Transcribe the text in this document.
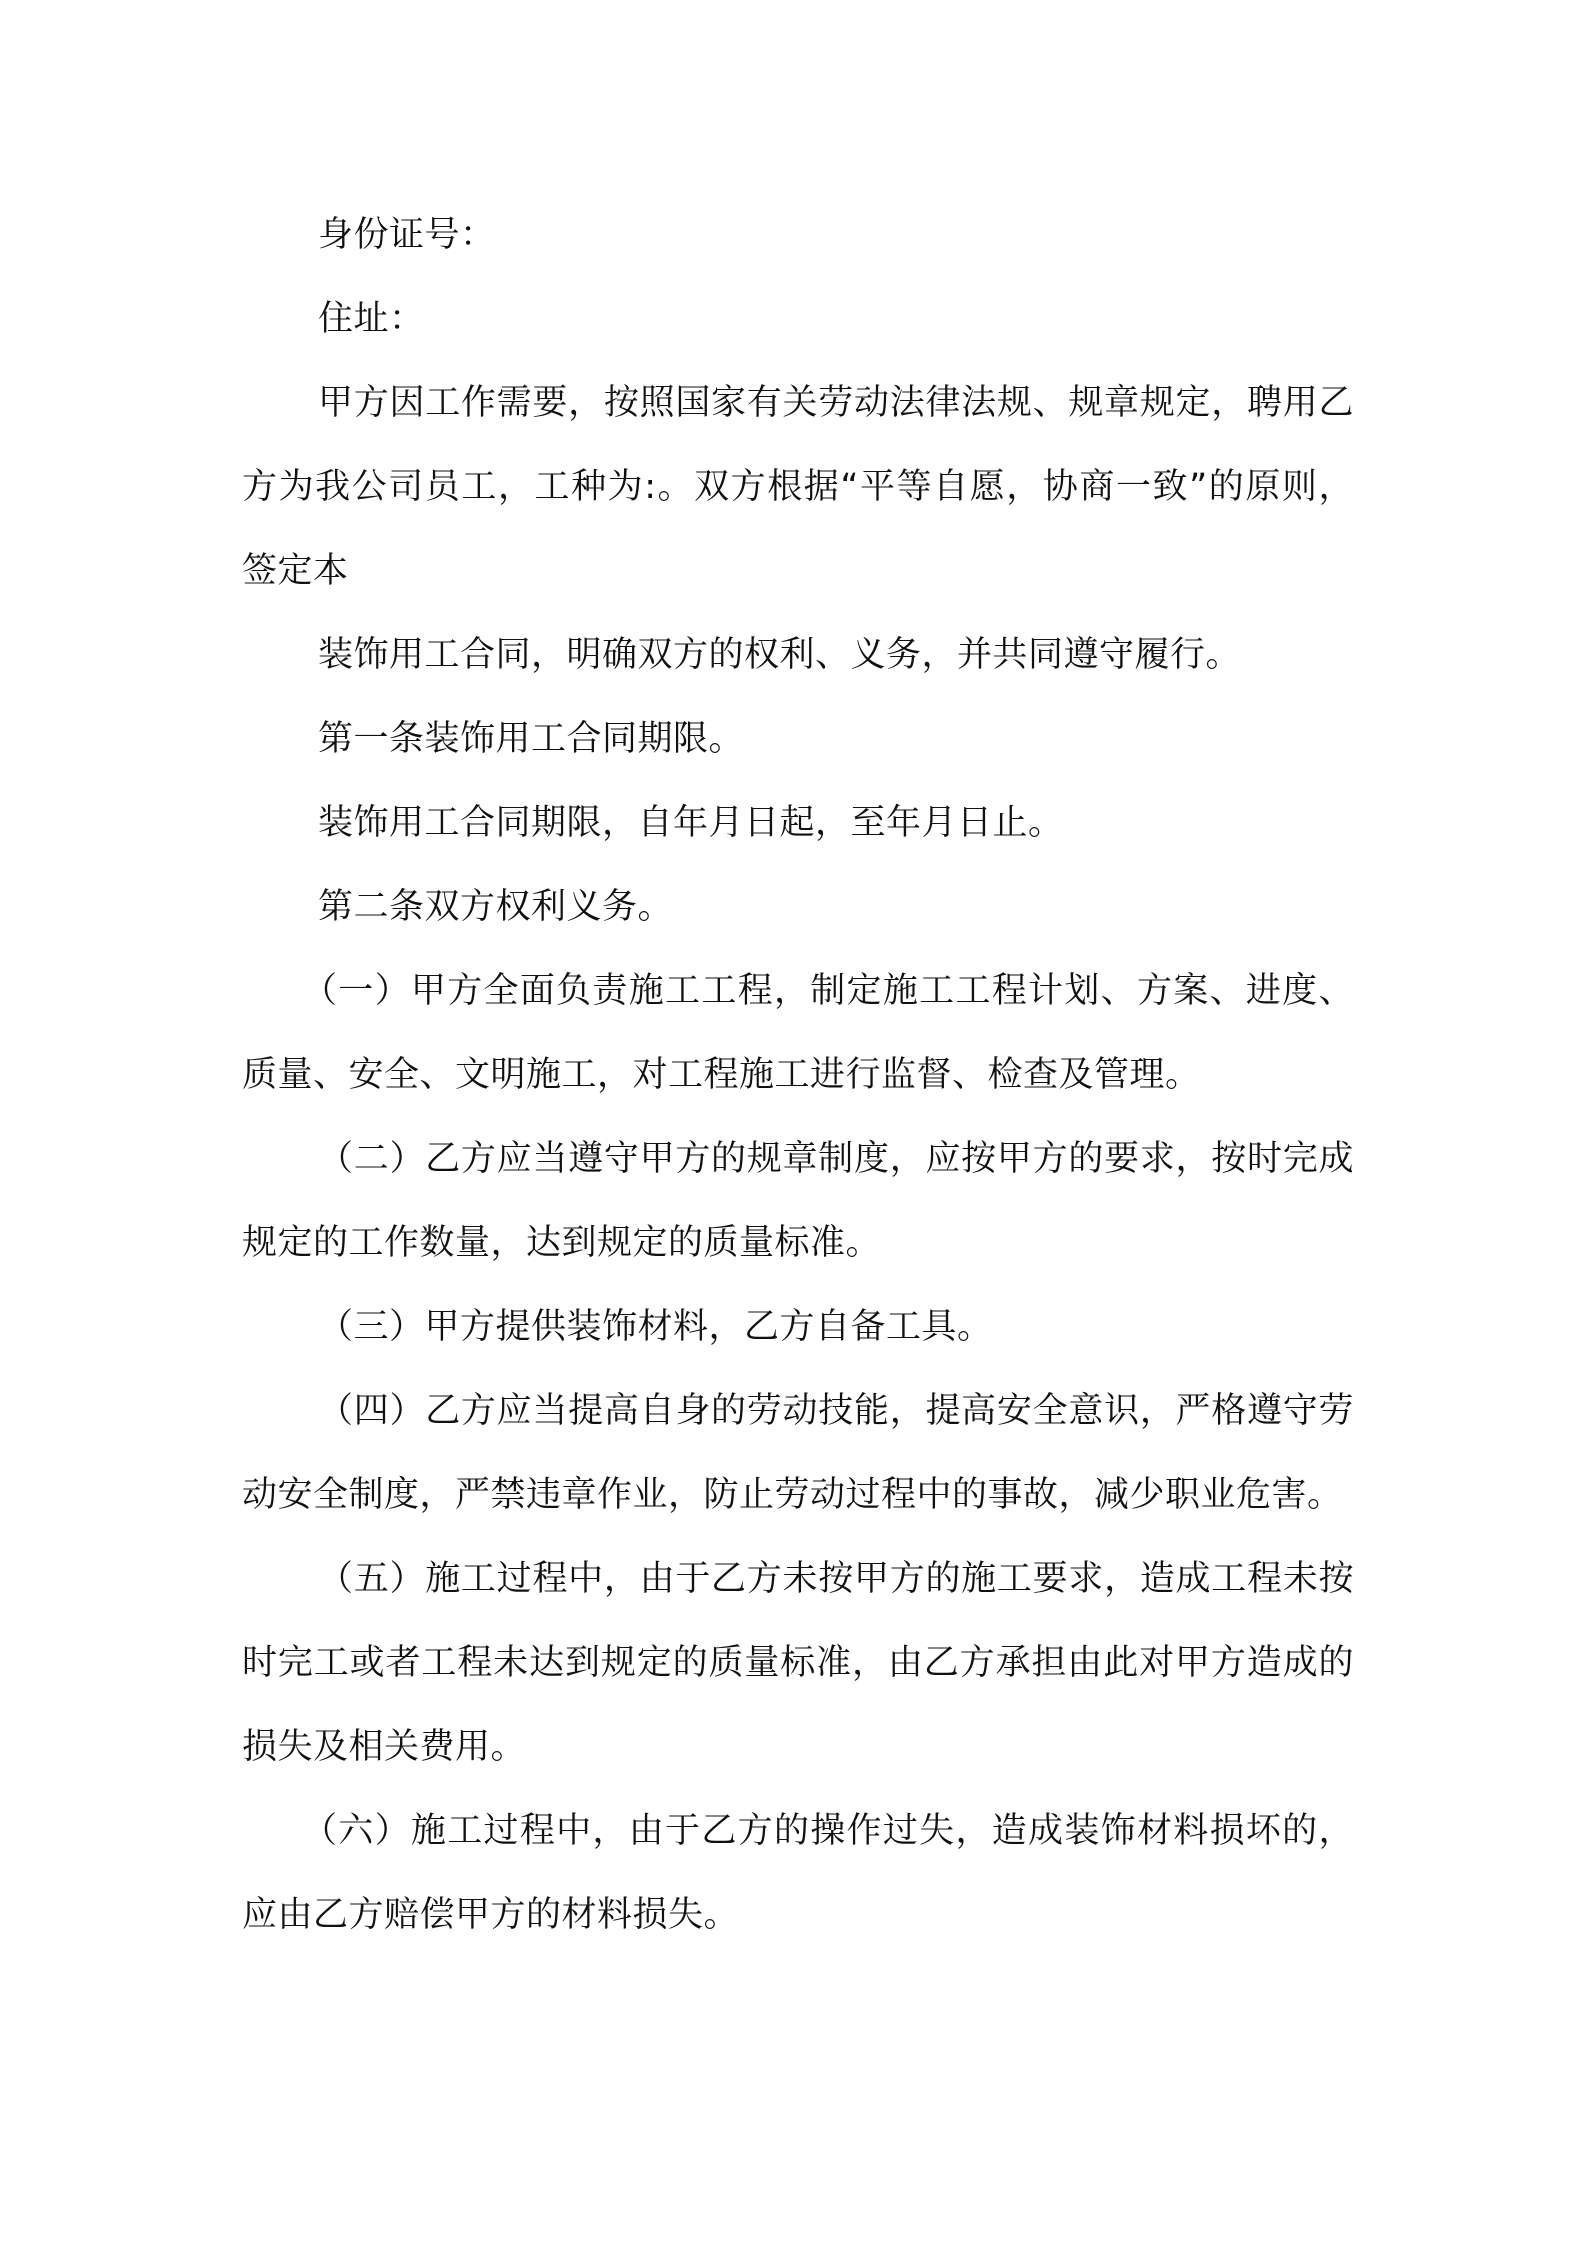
身份证号：

住址：

甲方因工作需要，按照国家有关劳动法律法规、规章规定，聘用乙方为我公司员工，工种为:。双方根据“平等自愿，协商一致”的原则，签定本

装饰用工合同，明确双方的权利、义务，并共同遵守履行。

第一条装饰用工合同期限。

装饰用工合同期限，自年月日起，至年月日止。

第二条双方权利义务。

（一）甲方全面负责施工工程，制定施工工程计划、方案、进度、质量、安全、文明施工，对工程施工进行监督、检查及管理。

（二）乙方应当遵守甲方的规章制度，应按甲方的要求，按时完成规定的工作数量，达到规定的质量标准。

（三）甲方提供装饰材料，乙方自备工具。

（四）乙方应当提高自身的劳动技能，提高安全意识，严格遵守劳动安全制度，严禁违章作业，防止劳动过程中的事故，减少职业危害。

（五）施工过程中，由于乙方未按甲方的施工要求，造成工程未按时完工或者工程未达到规定的质量标准，由乙方承担由此对甲方造成的损失及相关费用。

（六）施工过程中，由于乙方的操作过失，造成装饰材料损坏的，应由乙方赔偿甲方的材料损失。
